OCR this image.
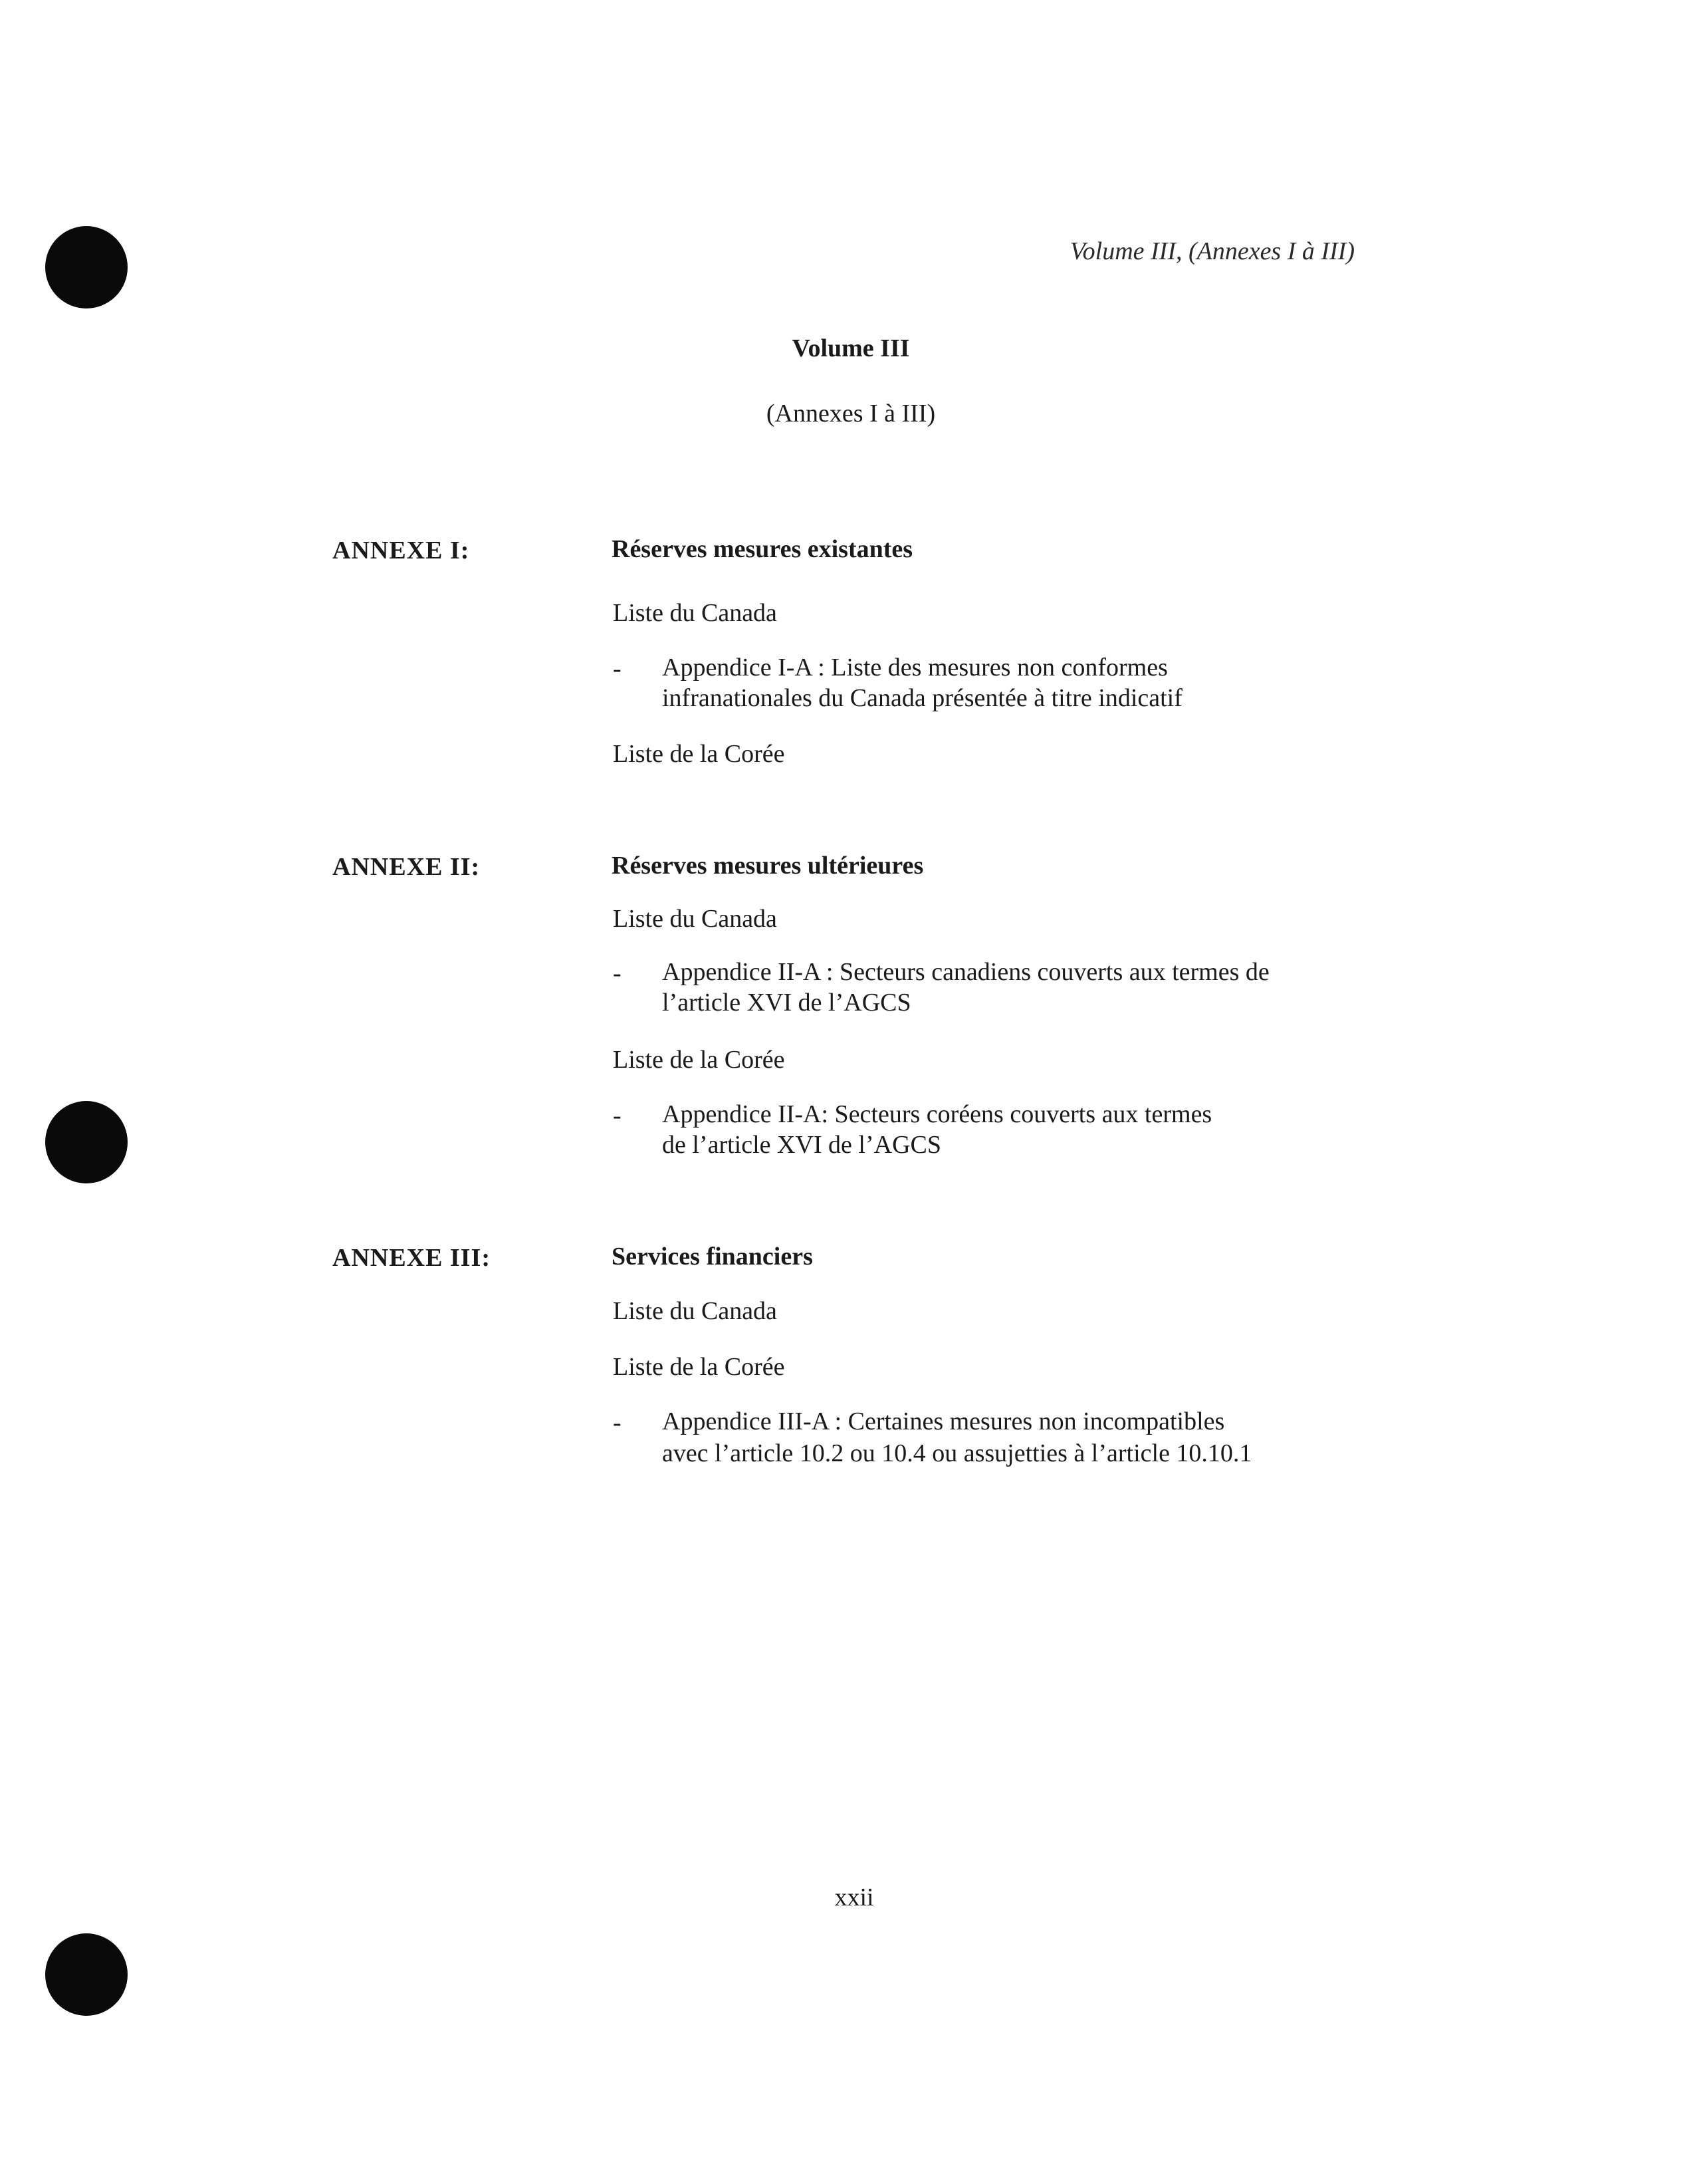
Volume III, (Annexes I à III)
Volume III
(Annexes I à III)
ANNEXE I:	Réserves mesures existantes
Liste du Canada
- Appendice I-A : Liste des mesures non conformes
infranationales du Canada présentée à titre indicatif
Liste de la Corée
ANNEXE II:	Réserves mesures ultérieures
Liste du Canada
- Appendice II-A : Secteurs canadiens couverts aux termes de
l’article XVI de l’AGCS
Liste de la Corée
- Appendice II-A: Secteurs coréens couverts aux termes
de l’article XVI de l’AGCS
ANNEXE III:	Services financiers
Liste du Canada
Liste de la Corée
- Appendice III-A : Certaines mesures non incompatibles
avec l’article 10.2 ou 10.4 ou assujetties à l’article 10.10.1
xxii
